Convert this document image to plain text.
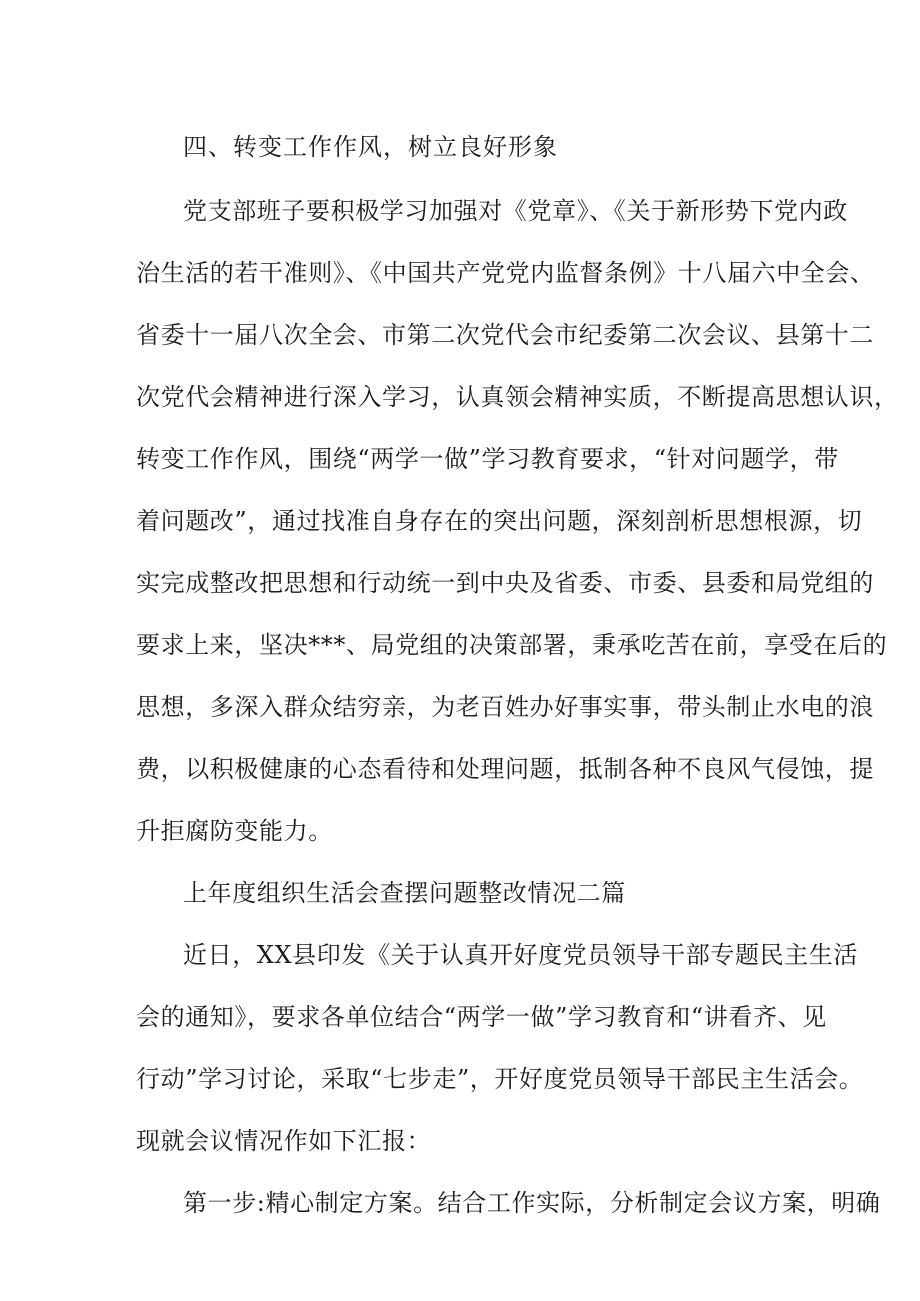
四、转变工作作风，树立良好形象

党支部班子要积极学习加强对《党章》、《关于新形势下党内政

治生活的若干准则》、《中国共产党党内监督条例》十八届六中全会、

省委十一届八次全会、市第二次党代会市纪委第二次会议、县第十二

次党代会精神进行深入学习，认真领会精神实质，不断提高思想认识，

转变工作作风，围绕“两学一做”学习教育要求，“针对问题学，带

着问题改”，通过找准自身存在的突出问题，深刻剖析思想根源，切

实完成整改把思想和行动统一到中央及省委、市委、县委和局党组的

要求上来，坚决***、局党组的决策部署，秉承吃苦在前，享受在后的

思想，多深入群众结穷亲，为老百姓办好事实事，带头制止水电的浪

费，以积极健康的心态看待和处理问题，抵制各种不良风气侵蚀，提

升拒腐防变能力。

上年度组织生活会查摆问题整改情况二篇

近日，XX县印发《关于认真开好度党员领导干部专题民主生活

会的通知》，要求各单位结合“两学一做”学习教育和“讲看齐、见

行动”学习讨论，采取“七步走”，开好度党员领导干部民主生活会。

现就会议情况作如下汇报：

第一步:精心制定方案。结合工作实际，分析制定会议方案，明确
